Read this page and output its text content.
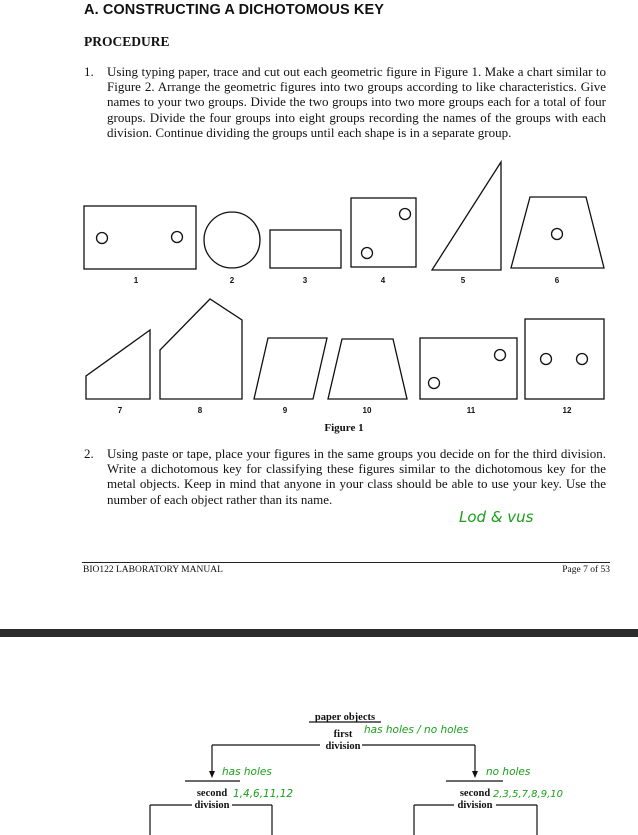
A. CONSTRUCTING A DICHOTOMOUS KEY
PROCEDURE
1. Using typing paper, trace and cut out each geometric figure in Figure 1. Make a chart similar to Figure 2. Arrange the geometric figures into two groups according to like characteristics. Give names to your two groups. Divide the two groups into two more groups each for a total of four groups. Divide the four groups into eight groups recording the names of the groups with each division. Continue dividing the groups until each shape is in a separate group.
1	2	3	4	5	6
7	8	9	10	11	12
Figure 1
2. Using paste or tape, place your figures in the same groups you decide on for the third division. Write a dichotomous key for classifying these figures similar to the dichotomous key for the metal objects. Keep in mind that anyone in your class should be able to use your key. Use the number of each object rather than its name.
Lod & vus
BIO122 LABORATORY MANUAL	Page 7 of 53
paper objects
first
division
second
division
second
division
has holes / no holes
has holes
1,4,6,11,12
no holes
2,3,5,7,8,9,10
